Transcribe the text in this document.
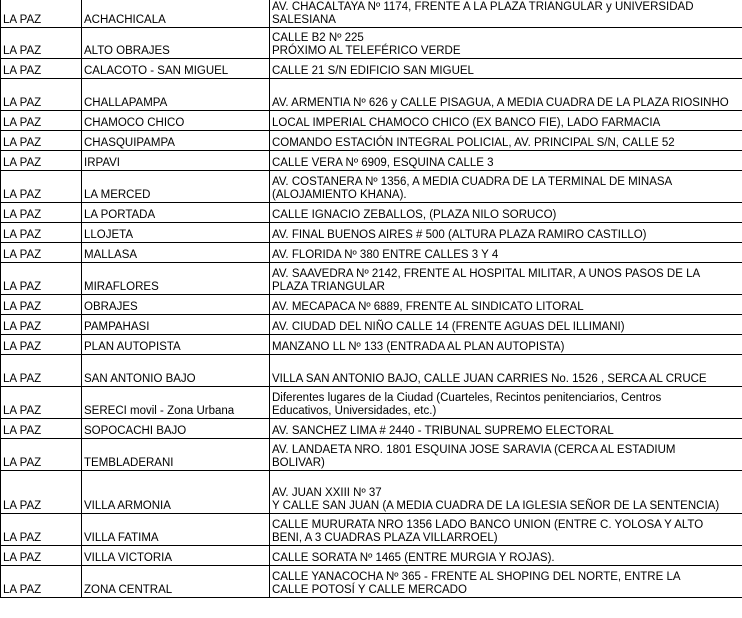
LA PAZ	ACHACHICALA	AV. CHACALTAYA Nº 1174, FRENTE A LA PLAZA TRIANGULAR y UNIVERSIDAD
SALESIANA
LA PAZ	ALTO OBRAJES	CALLE B2 Nº 225
PRÓXIMO AL TELEFÉRICO VERDE
LA PAZ	CALACOTO - SAN MIGUEL	CALLE 21 S/N EDIFICIO SAN MIGUEL
LA PAZ	CHALLAPAMPA	AV. ARMENTIA Nº 626 y CALLE PISAGUA, A MEDIA CUADRA DE LA PLAZA RIOSINHO
LA PAZ	CHAMOCO CHICO	LOCAL IMPERIAL CHAMOCO CHICO (EX BANCO FIE), LADO FARMACIA
LA PAZ	CHASQUIPAMPA	COMANDO ESTACIÓN INTEGRAL POLICIAL, AV. PRINCIPAL S/N, CALLE 52
LA PAZ	IRPAVI	CALLE VERA Nº 6909, ESQUINA CALLE 3
LA PAZ	LA MERCED	AV. COSTANERA Nº 1356, A MEDIA CUADRA DE LA TERMINAL DE MINASA
(ALOJAMIENTO KHANA).
LA PAZ	LA PORTADA	CALLE IGNACIO ZEBALLOS, (PLAZA NILO SORUCO)
LA PAZ	LLOJETA	AV. FINAL BUENOS AIRES # 500 (ALTURA PLAZA RAMIRO CASTILLO)
LA PAZ	MALLASA	AV. FLORIDA Nº 380 ENTRE CALLES 3 Y 4
LA PAZ	MIRAFLORES	AV. SAAVEDRA Nº 2142, FRENTE AL HOSPITAL MILITAR, A UNOS PASOS DE LA
PLAZA TRIANGULAR
LA PAZ	OBRAJES	AV. MECAPACA Nº 6889, FRENTE AL SINDICATO LITORAL
LA PAZ	PAMPAHASI	AV. CIUDAD DEL NIÑO CALLE 14 (FRENTE AGUAS DEL ILLIMANI)
LA PAZ	PLAN AUTOPISTA	MANZANO LL Nº 133 (ENTRADA AL PLAN AUTOPISTA)
LA PAZ	SAN ANTONIO BAJO	VILLA SAN ANTONIO BAJO, CALLE JUAN CARRIES No. 1526 , SERCA AL CRUCE
LA PAZ	SERECI movil - Zona Urbana	Diferentes lugares de la Ciudad (Cuarteles, Recintos penitenciarios, Centros
Educativos, Universidades, etc.)
LA PAZ	SOPOCACHI BAJO	AV. SANCHEZ LIMA # 2440 - TRIBUNAL SUPREMO ELECTORAL
LA PAZ	TEMBLADERANI	AV. LANDAETA NRO. 1801 ESQUINA JOSE SARAVIA (CERCA AL ESTADIUM
BOLIVAR)
LA PAZ	VILLA ARMONIA	AV. JUAN XXIII Nº 37
Y CALLE SAN JUAN (A MEDIA CUADRA DE LA IGLESIA SEÑOR DE LA SENTENCIA)
LA PAZ	VILLA FATIMA	CALLE MURURATA NRO 1356 LADO BANCO UNION (ENTRE C. YOLOSA Y ALTO
BENI, A 3 CUADRAS PLAZA VILLARROEL)
LA PAZ	VILLA VICTORIA	CALLE SORATA Nº 1465 (ENTRE MURGIA Y ROJAS).
LA PAZ	ZONA CENTRAL	CALLE YANACOCHA Nº 365 - FRENTE AL SHOPING DEL NORTE, ENTRE LA
CALLE POTOSÍ Y CALLE MERCADO
